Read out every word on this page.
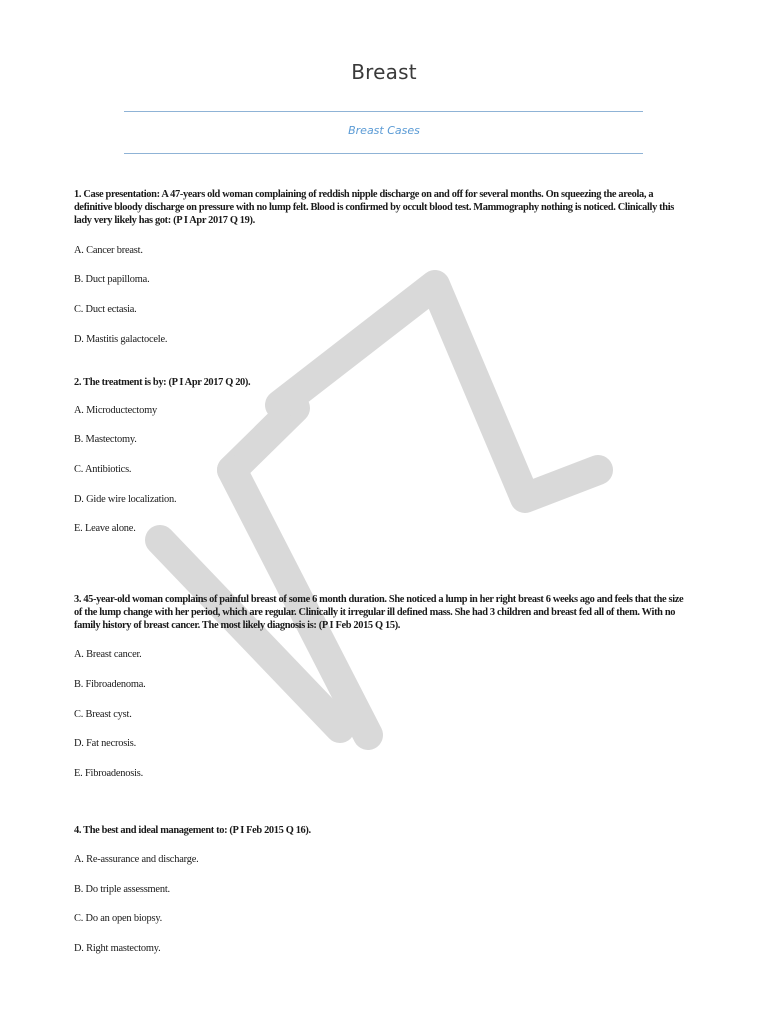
Breast
Breast Cases

1. Case presentation: A 47-years old woman complaining of reddish nipple discharge on and off for several months. On squeezing the areola, a definitive bloody discharge on pressure with no lump felt. Blood is confirmed by occult blood test. Mammography nothing is noticed. Clinically this lady very likely has got: (P I Apr 2017 Q 19).

A. Cancer breast.

B. Duct papilloma.

C. Duct ectasia.

D. Mastitis galactocele.

2. The treatment is by: (P I Apr 2017 Q 20).

A. Microductectomy

B. Mastectomy.

C. Antibiotics.

D. Gide wire localization.

E. Leave alone.

3. 45-year-old woman complains of painful breast of some 6 month duration. She noticed a lump in her right breast 6 weeks ago and feels that the size of the lump change with her period, which are regular. Clinically it irregular ill defined mass. She had 3 children and breast fed all of them. With no family history of breast cancer. The most likely diagnosis is: (P I Feb 2015 Q 15).

A. Breast cancer.

B. Fibroadenoma.

C. Breast cyst.

D. Fat necrosis.

E. Fibroadenosis.

4. The best and ideal management to: (P I Feb 2015 Q 16).

A. Re-assurance and discharge.

B. Do triple assessment.

C. Do an open biopsy.

D. Right mastectomy.
